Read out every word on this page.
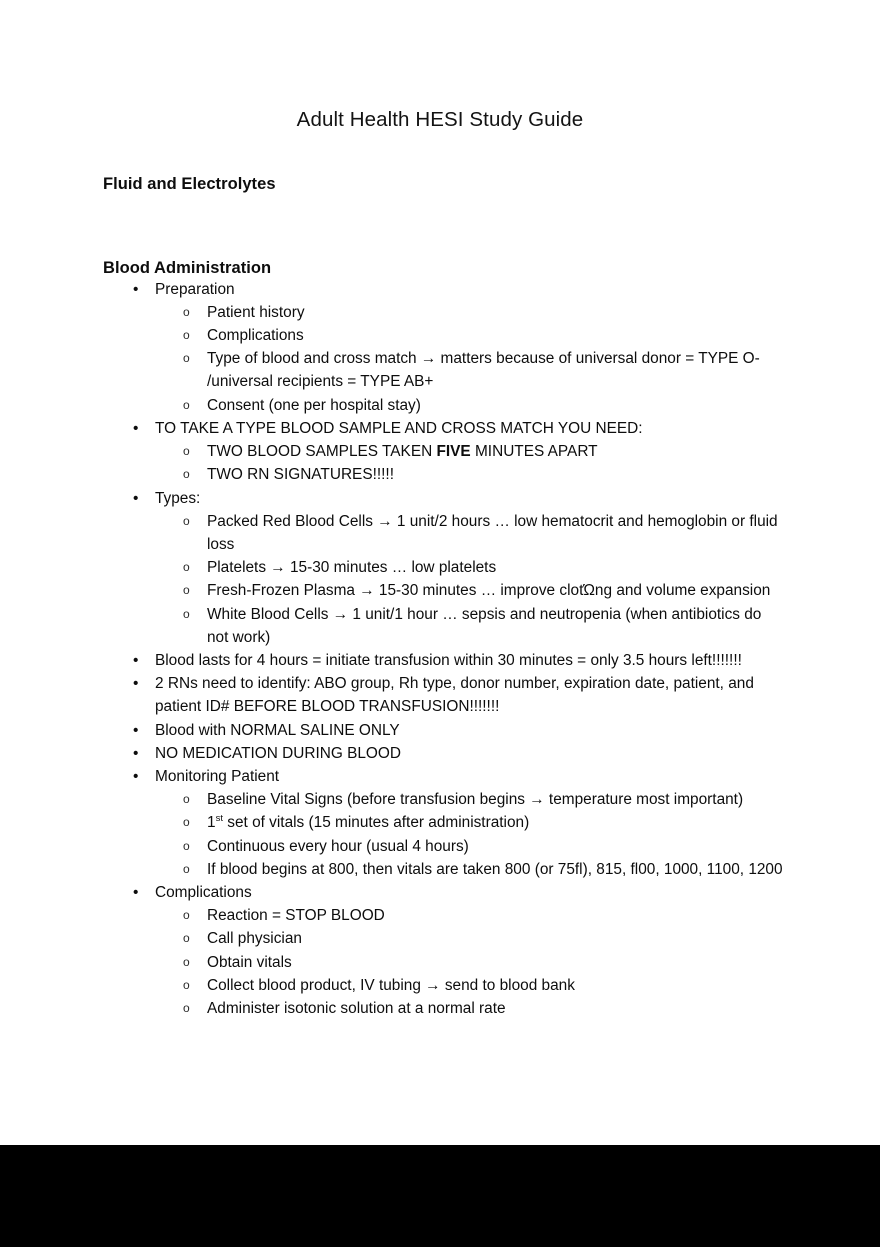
Adult Health HESI Study Guide
Fluid and Electrolytes
Blood Administration
• Preparation
o Patient history
o Complications
o Type of blood and cross match → matters because of universal donor = TYPE O- /universal recipients = TYPE AB+
o Consent (one per hospital stay)
• TO TAKE A TYPE BLOOD SAMPLE AND CROSS MATCH YOU NEED:
o TWO BLOOD SAMPLES TAKEN FIVE MINUTES APART
o TWO RN SIGNATURES!!!!!
• Types:
o Packed Red Blood Cells → 1 unit/2 hours … low hematocrit and hemoglobin or fluid loss
o Platelets → 15-30 minutes … low platelets
o Fresh-Frozen Plasma → 15-30 minutes … improve clotΏng and volume expansion
o White Blood Cells → 1 unit/1 hour … sepsis and neutropenia (when antibiotics do not work)
• Blood lasts for 4 hours = initiate transfusion within 30 minutes = only 3.5 hours left!!!!!!!
• 2 RNs need to identify: ABO group, Rh type, donor number, expiration date, patient, and patient ID# BEFORE BLOOD TRANSFUSION!!!!!!!
• Blood with NORMAL SALINE ONLY
• NO MEDICATION DURING BLOOD
• Monitoring Patient
o Baseline Vital Signs (before transfusion begins → temperature most important)
o 1st set of vitals (15 minutes after administration)
o Continuous every hour (usual 4 hours)
o If blood begins at 800, then vitals are taken 800 (or 75fl), 815, fl00, 1000, 1100, 1200
• Complications
o Reaction = STOP BLOOD
o Call physician
o Obtain vitals
o Collect blood product, IV tubing → send to blood bank
o Administer isotonic solution at a normal rate
